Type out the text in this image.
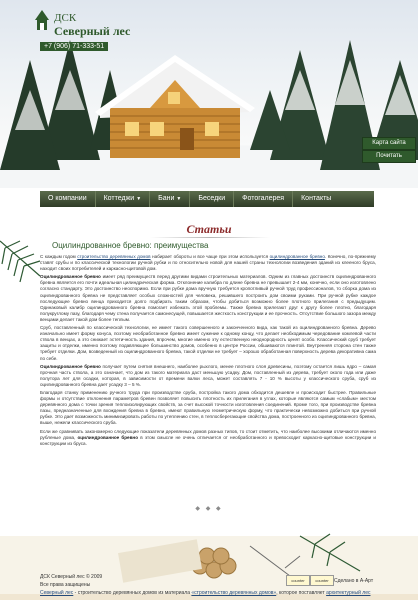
ДСК
Северный лес
+7 (906) 71-333-51
Карта сайта
Почитать
О компании	Коттеджи ▼	Бани ▼	Беседки	Фотогалерея	Контакты
Статьи
Оцилиндрованное бревно: преимущества

С каждым годом строительство деревянных домов набирает обороты и все чаще при этом используется оцилиндрованное бревно. Конечно, по-прежнему ставят срубы и по классической технологии ручной рубки и по относительно новой для нашей страны технологии возведения зданий из клееного бруса, находит своих потребителей и каркасно-щитовой дом.

Оцилиндрованное бревно имеет ряд преимуществ перед другими видами строительных материалов. Одним из главных достоинств оцилиндрованного бревна является его почти идеальная цилиндрическая форма. Отклонение калибра по длине бревна не превышает 2-4 мм, конечно, если оно изготовлено согласно стандарту. Это достоинство неоспоримо. Если при рубке дома вручную требуется кропотливый ручной труд профессионалов, то сборка дома из оцилиндрованного бревна не представляет особых сложностей для человека, решившего построить дом своими руками. При ручной рубке каждое последующее бревно венца приходится долго подбирать таким образом, чтобы добиться возможно более плотного прилегания с предыдущим. Одинаковый калибр оцилиндрованного бревна помогает избежать этой проблемы. Также бревна прилегают друг к другу более плотно, благодаря полукруглому пазу, благодаря чему стена получается самонесущей, повышается жесткость конструкции и ее прочность. Отсутствие большого зазора между венцами делает такой дом более теплым.

Сруб, поставленный по классической технологии, не имеет такого совершенного и законченного вида, как такой из оцилиндрованного бревна. Дерево изначально имеет форму конуса, поэтому необработанное бревно имеет сужение к одному концу, что делает необходимым чередование комлевой части ствола в венцах, а это снижает эстетичность здания, впрочем, многие именно эту естественную неоднородность ценят особо. Классический сруб требует защиты и отделки, именно поэтому подавляющее большинство домов, особенно в центре России, обшиваются плинтой. Внутренняя сторона стен также требует отделки. Дом, возведенный из оцилиндрованного бревна, такой отделки не требует – хорошо обработанная поверхность дерева декоративна сама по себе.

Оцилиндрованное бревно получает путем снятия внешнего, наиболее рыхлого, менее плотного слоя древесины, поэтому остается лишь ядро – самая прочная часть ствола, а это означает, что дом из такого материала даст меньшую усадку. Дом, поставленный из дерева, требует около года или даже полутора лет для осадки, которая, в зависимости от времени валки леса, может составлять 7 - 10 % высоты у классического сруба, сруб из оцилиндрованного бревна дает усадку 3 – 5 %.

Благодаря станку применению ручного труда при производстве сруба, постройка такого дома обходится дешевле и происходит быстрее. Правильные формы и отсутствие отклонения параметров бревен позволяет повысить плотность их прилегания в углах, которые являются самым «слабым» местом деревянного дома с точки зрения теплоизолирующих свойств, за счет высокой точности изготовления соединений. Кроме того, при производстве бревна пазы, предназначенные для вхождения бревна в бревно, имеют правильную геометрическую форму, что практически невозможно добиться при ручной рубке. Это дает возможность минимизировать работы по утеплению стен, в теплосберегающие свойства дома, построенного из оцилиндрованного бревна, выше, нежели классического сруба.

Если же сравнивать закономерно следующие показатели деревянных домов разных типов, то стоит отметить, что наиболее высокими отличаются именно рубленые дома, оцилиндрованное бревно в этом смысле не очень отличается от необработанного и превосходит каркасно-щитовые конструкции и конструкции из бруса.

◆ ◆ ◆
ДСК Северный лес © 2009
Все права защищены
counter	counter	Сделано в А-Арт
Северный лес - строительство деревянных домов из материала «строительство деревянных домов», которое поставляет архитектурный лес
